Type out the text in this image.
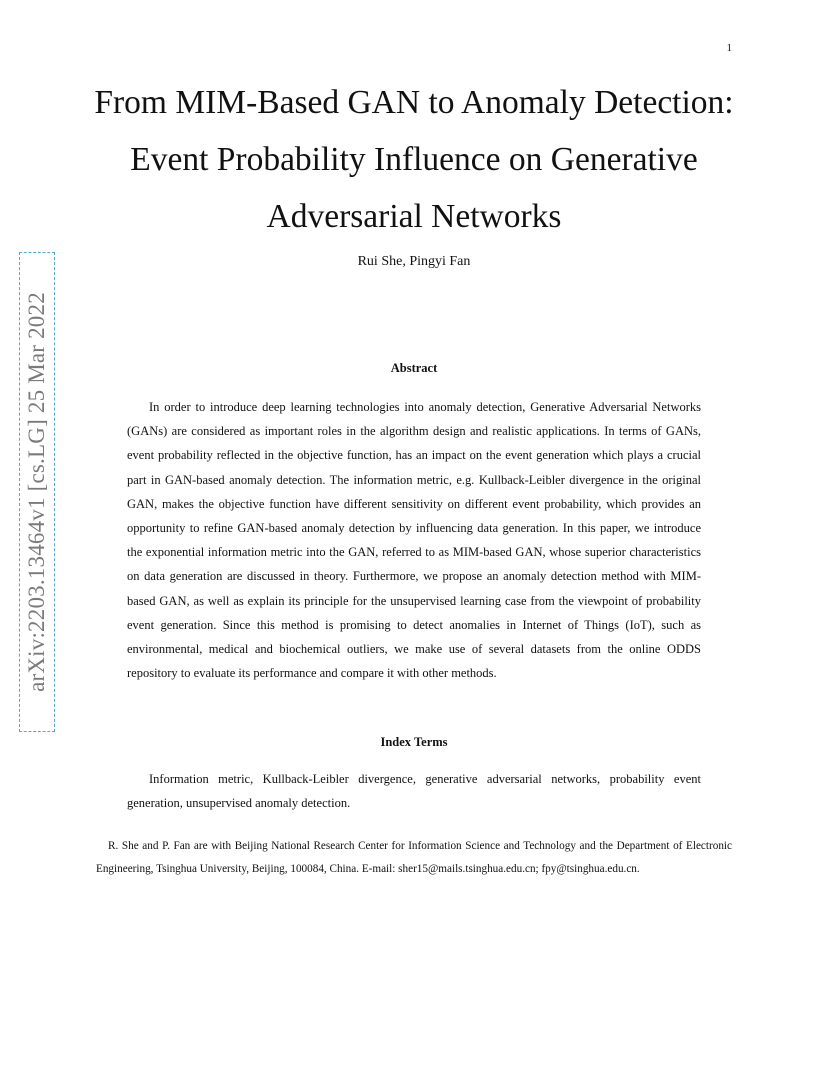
1
arXiv:2203.13464v1 [cs.LG] 25 Mar 2022
From MIM-Based GAN to Anomaly Detection: Event Probability Influence on Generative Adversarial Networks
Rui She, Pingyi Fan
Abstract

In order to introduce deep learning technologies into anomaly detection, Generative Adversarial Networks (GANs) are considered as important roles in the algorithm design and realistic applications. In terms of GANs, event probability reflected in the objective function, has an impact on the event generation which plays a crucial part in GAN-based anomaly detection. The information metric, e.g. Kullback-Leibler divergence in the original GAN, makes the objective function have different sensitivity on different event probability, which provides an opportunity to refine GAN-based anomaly detection by influencing data generation. In this paper, we introduce the exponential information metric into the GAN, referred to as MIM-based GAN, whose superior characteristics on data generation are discussed in theory. Furthermore, we propose an anomaly detection method with MIM-based GAN, as well as explain its principle for the unsupervised learning case from the viewpoint of probability event generation. Since this method is promising to detect anomalies in Internet of Things (IoT), such as environmental, medical and biochemical outliers, we make use of several datasets from the online ODDS repository to evaluate its performance and compare it with other methods.

Index Terms

Information metric, Kullback-Leibler divergence, generative adversarial networks, probability event generation, unsupervised anomaly detection.

R. She and P. Fan are with Beijing National Research Center for Information Science and Technology and the Department of Electronic Engineering, Tsinghua University, Beijing, 100084, China. E-mail: sher15@mails.tsinghua.edu.cn; fpy@tsinghua.edu.cn.
